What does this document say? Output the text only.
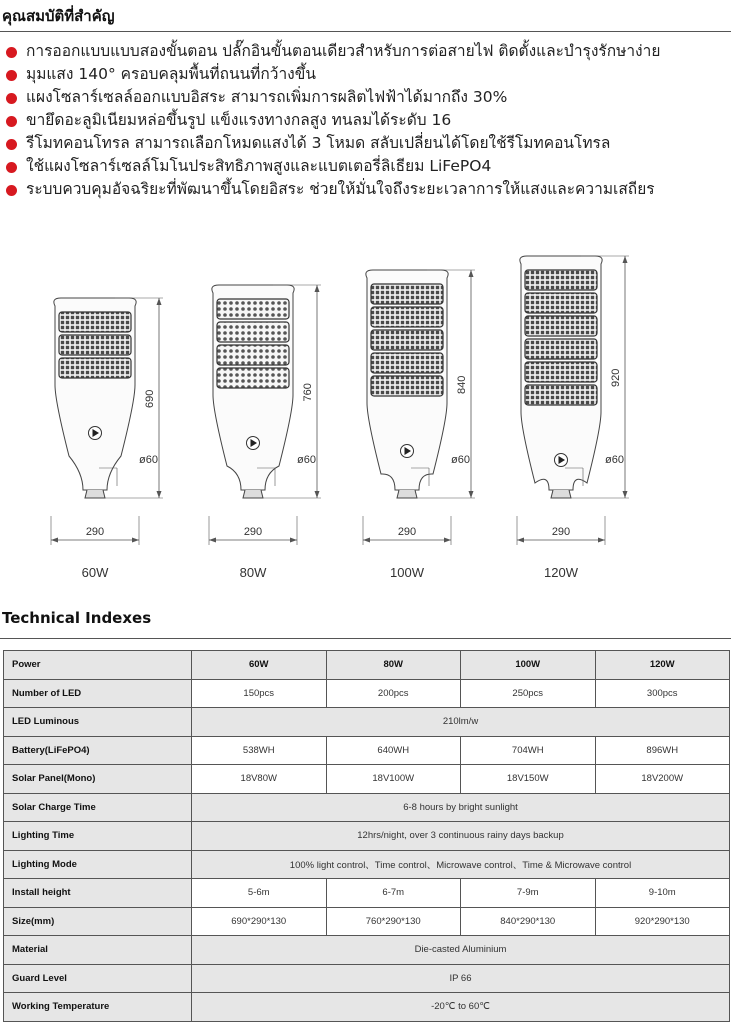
คุณสมบัติที่สำคัญ
การออกแบบแบบสองขั้นตอน ปลั๊กอินขั้นตอนเดียวสำหรับการต่อสายไฟ ติดตั้งและบำรุงรักษาง่าย
มุมแสง 140° ครอบคลุมพื้นที่ถนนที่กว้างขึ้น
แผงโซลาร์เซลล์ออกแบบอิสระ สามารถเพิ่มการผลิตไฟฟ้าได้มากถึง 30%
ขายึดอะลูมิเนียมหล่อขึ้นรูป แข็งแรงทางกลสูง ทนลมได้ระดับ 16
รีโมทคอนโทรล สามารถเลือกโหมดแสงได้ 3 โหมด สลับเปลี่ยนได้โดยใช้รีโมทคอนโทรล
ใช้แผงโซลาร์เซลล์โมโนประสิทธิภาพสูงและแบตเตอรี่ลิเธียม LiFePO4
ระบบควบคุมอัจฉริยะที่พัฒนาขึ้นโดยอิสระ ช่วยให้มั่นใจถึงระยะเวลาการให้แสงและความเสถียร
690
ø60
290
60W
760
ø60
290
80W
840
ø60
290
100W
920
ø60
290
120W
Technical Indexes
Power	60W	80W	100W	120W
Number of LED	150pcs	200pcs	250pcs	300pcs
LED Luminous	210lm/w			
Battery(LiFePO4)	538WH	640WH	704WH	896WH
Solar Panel(Mono)	18V80W	18V100W	18V150W	18V200W
Solar Charge Time	6-8 hours by bright sunlight			
Lighting Time	12hrs/night, over 3 continuous rainy days backup			
Lighting Mode	100% light control、Time control、Microwave control、Time & Microwave control			
Install height	5-6m	6-7m	7-9m	9-10m
Size(mm)	690*290*130	760*290*130	840*290*130	920*290*130
Material	Die-casted Aluminium			
Guard Level	IP 66			
Working Temperature	-20℃ to 60℃			
